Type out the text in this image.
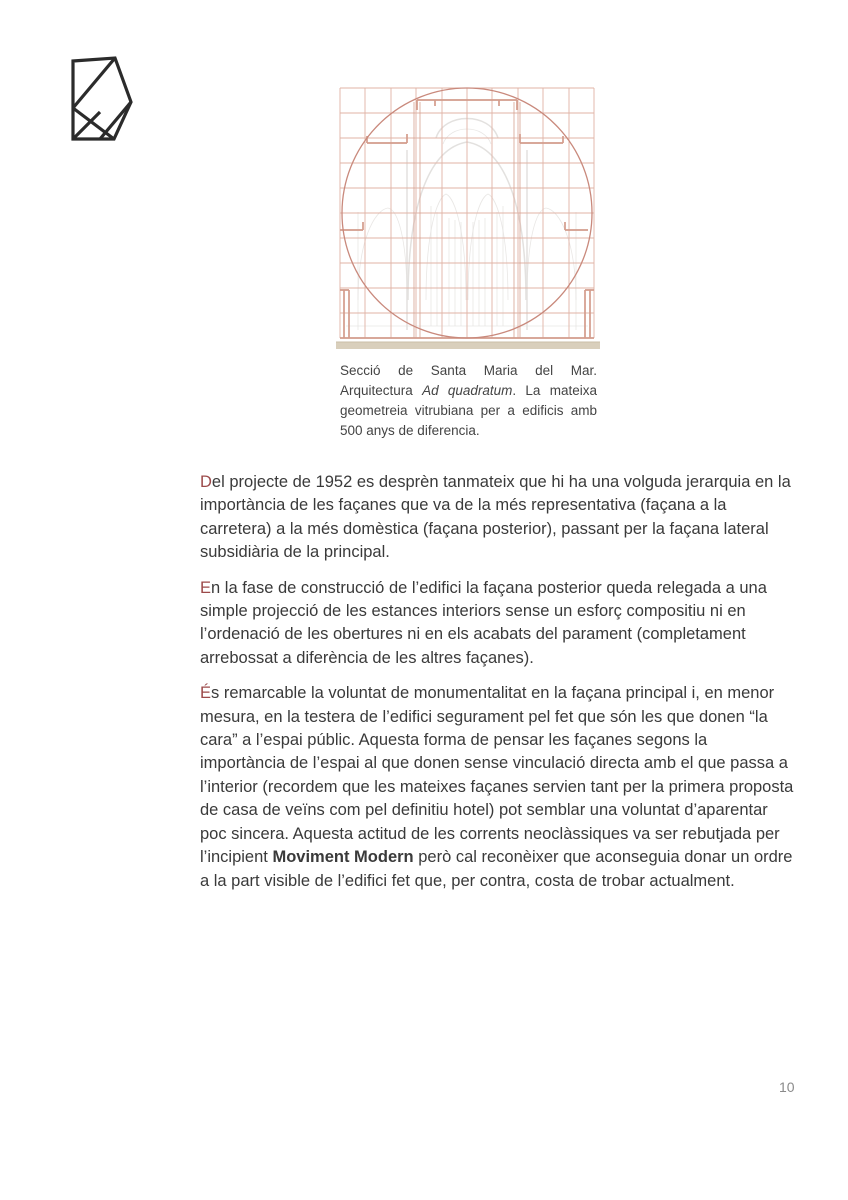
Secció de Santa Maria del Mar. Arquitectura Ad quadratum. La mateixa geometreia vitrubiana per a edificis amb 500 anys de diferencia.

Del projecte de 1952 es desprèn tanmateix que hi ha una volguda jerarquia en la importància de les façanes que va de la més representativa (façana a la carretera) a la més domèstica (façana posterior), passant per la façana lateral subsidiària de la principal.

En la fase de construcció de l’edifici la façana posterior queda relegada a una simple projecció de les estances interiors sense un esforç compositiu ni en l’ordenació de les obertures ni en els acabats del parament (completament arrebossat a diferència de les altres façanes).

És remarcable la voluntat de monumentalitat en la façana principal i, en menor mesura, en la testera de l’edifici segurament pel fet que són les que donen “la cara” a l’espai públic. Aquesta forma de pensar les façanes segons la importància de l’espai al que donen sense vinculació directa amb el que passa a l’interior (recordem que les mateixes façanes servien tant per la primera proposta de casa de veïns com pel definitiu hotel) pot semblar una voluntat d’aparentar poc sincera. Aquesta actitud de les corrents neoclàssiques va ser rebutjada per l’incipient Moviment Modern però cal reconèixer que aconseguia donar un ordre a la part visible de l’edifici fet que, per contra, costa de trobar actualment.

10
